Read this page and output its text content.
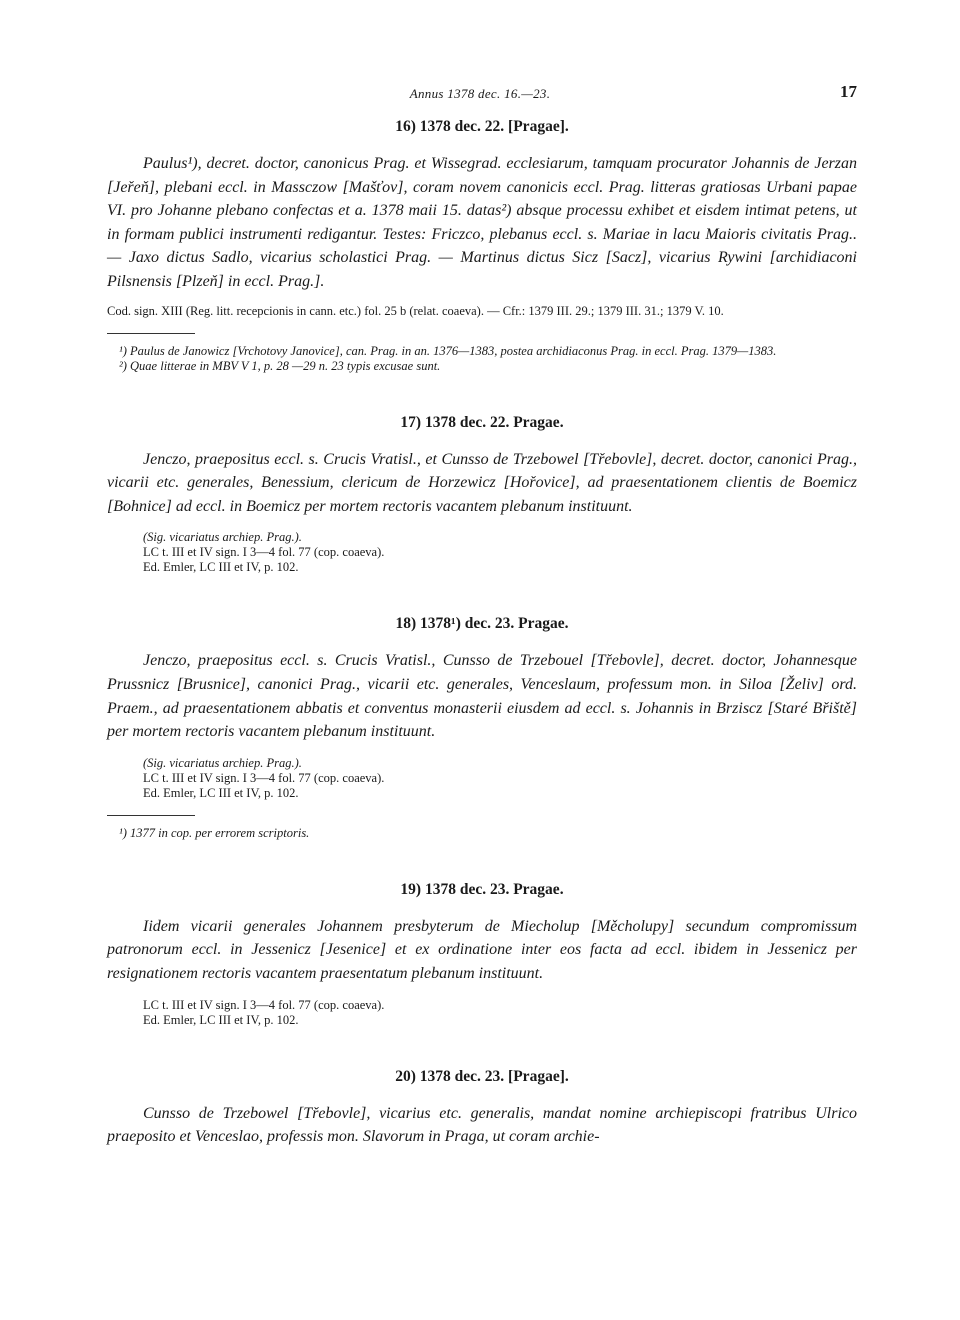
Annus 1378 dec. 16.—23.	17
16) 1378 dec. 22. [Pragae].

Paulus¹), decret. doctor, canonicus Prag. et Wissegrad. ecclesiarum, tamquam procurator Johannis de Jerzan [Jeřeň], plebani eccl. in Massczow [Mašťov], coram novem canonicis eccl. Prag. litteras gratiosas Urbani papae VI. pro Johanne plebano confectas et a. 1378 maii 15. datas²) absque processu exhibet et eisdem intimat petens, ut in formam publici instrumenti redigantur. Testes: Friczco, plebanus eccl. s. Mariae in lacu Maioris civitatis Prag.. — Jaxo dictus Sadlo, vicarius scholastici Prag. — Martinus dictus Sicz [Sacz], vicarius Rywini [archidiaconi Pilsnensis [Plzeň] in eccl. Prag.].

Cod. sign. XIII (Reg. litt. recepcionis in cann. etc.) fol. 25 b (relat. coaeva). — Cfr.: 1379 III. 29.; 1379 III. 31.; 1379 V. 10.

¹) Paulus de Janowicz [Vrchotovy Janovice], can. Prag. in an. 1376—1383, postea archidiaconus Prag. in eccl. Prag. 1379—1383.

²) Quae litterae in MBV V 1, p. 28 —29 n. 23 typis excusae sunt.

17) 1378 dec. 22. Pragae.

Jenczo, praepositus eccl. s. Crucis Vratisl., et Cunsso de Trzebowel [Třebovle], decret. doctor, canonici Prag., vicarii etc. generales, Benessium, clericum de Horzewicz [Hořovice], ad praesentationem clientis de Boemicz [Bohnice] ad eccl. in Boemicz per mortem rectoris vacantem plebanum instituunt.

(Sig. vicariatus archiep. Prag.).

LC t. III et IV sign. I 3—4 fol. 77 (cop. coaeva).

Ed. Emler, LC III et IV, p. 102.

18) 1378¹) dec. 23. Pragae.

Jenczo, praepositus eccl. s. Crucis Vratisl., Cunsso de Trzebouel [Třebovle], decret. doctor, Johannesque Prussnicz [Brusnice], canonici Prag., vicarii etc. generales, Venceslaum, professum mon. in Siloa [Želiv] ord. Praem., ad praesentationem abbatis et conventus monasterii eiusdem ad eccl. s. Johannis in Brziscz [Staré Břiště] per mortem rectoris vacantem plebanum instituunt.

(Sig. vicariatus archiep. Prag.).

LC t. III et IV sign. I 3—4 fol. 77 (cop. coaeva).

Ed. Emler, LC III et IV, p. 102.

¹) 1377 in cop. per errorem scriptoris.

19) 1378 dec. 23. Pragae.

Iidem vicarii generales Johannem presbyterum de Miecholup [Měcholupy] secundum compromissum patronorum eccl. in Jessenicz [Jesenice] et ex ordinatione inter eos facta ad eccl. ibidem in Jessenicz per resignationem rectoris vacantem praesentatum plebanum instituunt.

LC t. III et IV sign. I 3—4 fol. 77 (cop. coaeva).

Ed. Emler, LC III et IV, p. 102.

20) 1378 dec. 23. [Pragae].

Cunsso de Trzebowel [Třebovle], vicarius etc. generalis, mandat nomine archiepiscopi fratribus Ulrico praeposito et Venceslao, professis mon. Slavorum in Praga, ut coram archie-
